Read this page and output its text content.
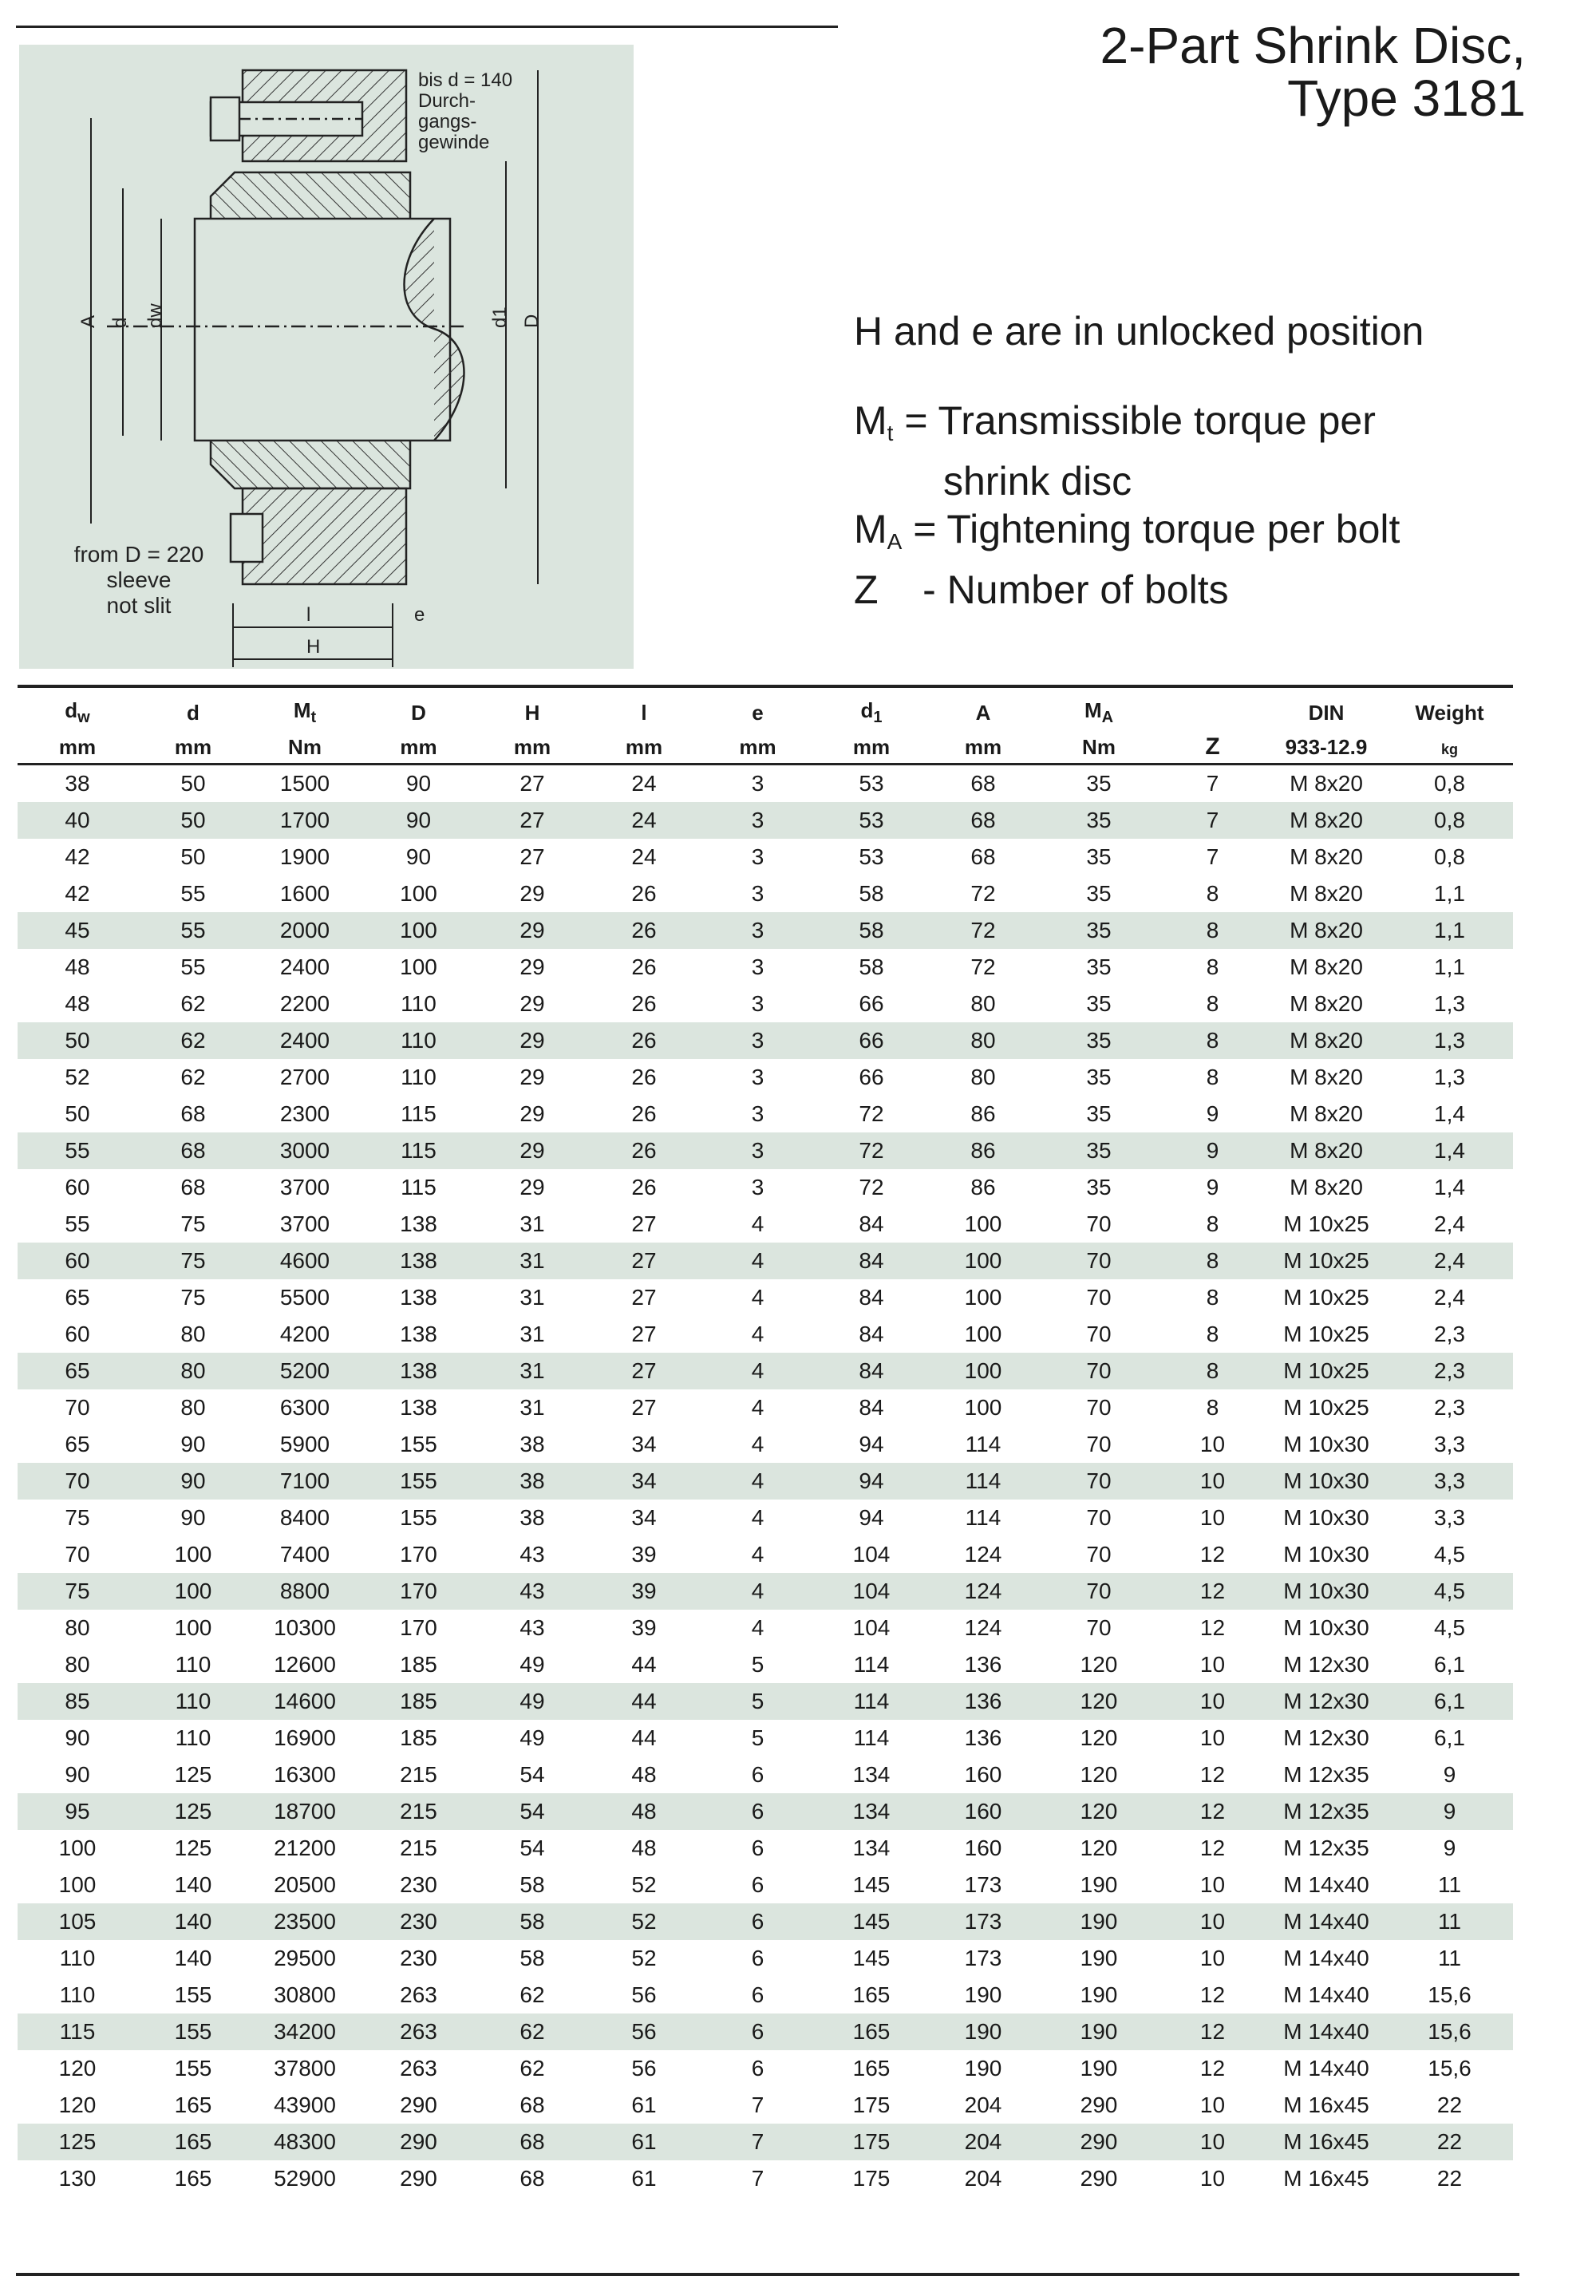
2-Part Shrink Disc,
Type 3181
bis d = 140
Durch-
gangs-
gewinde
from D = 220
sleeve
not slit
A d dw	d1 D
l	e
H
H and e are in unlocked position
$M_t$ = Transmissible torque per
shrink disc
$M_A$ = Tightening torque per bolt
Z    - Number of bolts
$d_w$	d	$M_t$	D	H	l	e	$d_1$	A	$M_A$		DIN	Weight
mm	mm	Nm	mm	mm	mm	mm	mm	mm	Nm	Z	933-12.9	kg
38	50	1500	90	27	24	3	53	68	35	7	M 8x20	0,8
40	50	1700	90	27	24	3	53	68	35	7	M 8x20	0,8
42	50	1900	90	27	24	3	53	68	35	7	M 8x20	0,8
42	55	1600	100	29	26	3	58	72	35	8	M 8x20	1,1
45	55	2000	100	29	26	3	58	72	35	8	M 8x20	1,1
48	55	2400	100	29	26	3	58	72	35	8	M 8x20	1,1
48	62	2200	110	29	26	3	66	80	35	8	M 8x20	1,3
50	62	2400	110	29	26	3	66	80	35	8	M 8x20	1,3
52	62	2700	110	29	26	3	66	80	35	8	M 8x20	1,3
50	68	2300	115	29	26	3	72	86	35	9	M 8x20	1,4
55	68	3000	115	29	26	3	72	86	35	9	M 8x20	1,4
60	68	3700	115	29	26	3	72	86	35	9	M 8x20	1,4
55	75	3700	138	31	27	4	84	100	70	8	M 10x25	2,4
60	75	4600	138	31	27	4	84	100	70	8	M 10x25	2,4
65	75	5500	138	31	27	4	84	100	70	8	M 10x25	2,4
60	80	4200	138	31	27	4	84	100	70	8	M 10x25	2,3
65	80	5200	138	31	27	4	84	100	70	8	M 10x25	2,3
70	80	6300	138	31	27	4	84	100	70	8	M 10x25	2,3
65	90	5900	155	38	34	4	94	114	70	10	M 10x30	3,3
70	90	7100	155	38	34	4	94	114	70	10	M 10x30	3,3
75	90	8400	155	38	34	4	94	114	70	10	M 10x30	3,3
70	100	7400	170	43	39	4	104	124	70	12	M 10x30	4,5
75	100	8800	170	43	39	4	104	124	70	12	M 10x30	4,5
80	100	10300	170	43	39	4	104	124	70	12	M 10x30	4,5
80	110	12600	185	49	44	5	114	136	120	10	M 12x30	6,1
85	110	14600	185	49	44	5	114	136	120	10	M 12x30	6,1
90	110	16900	185	49	44	5	114	136	120	10	M 12x30	6,1
90	125	16300	215	54	48	6	134	160	120	12	M 12x35	9
95	125	18700	215	54	48	6	134	160	120	12	M 12x35	9
100	125	21200	215	54	48	6	134	160	120	12	M 12x35	9
100	140	20500	230	58	52	6	145	173	190	10	M 14x40	11
105	140	23500	230	58	52	6	145	173	190	10	M 14x40	11
110	140	29500	230	58	52	6	145	173	190	10	M 14x40	11
110	155	30800	263	62	56	6	165	190	190	12	M 14x40	15,6
115	155	34200	263	62	56	6	165	190	190	12	M 14x40	15,6
120	155	37800	263	62	56	6	165	190	190	12	M 14x40	15,6
120	165	43900	290	68	61	7	175	204	290	10	M 16x45	22
125	165	48300	290	68	61	7	175	204	290	10	M 16x45	22
130	165	52900	290	68	61	7	175	204	290	10	M 16x45	22
